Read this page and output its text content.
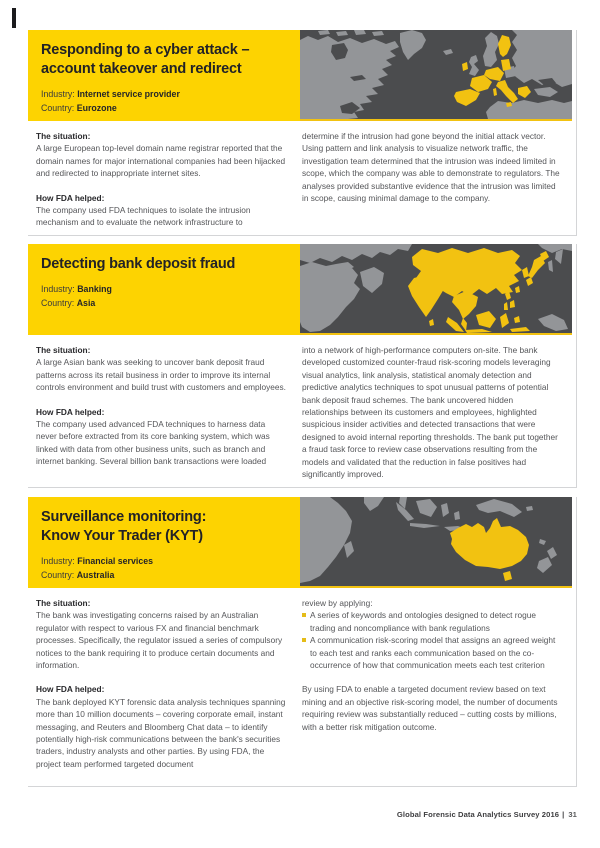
Responding to a cyber attack –
account takeover and redirect
Industry: Internet service provider
Country: Eurozone
The situation:

A large European top-level domain name registrar reported that the domain names for major international companies had been hijacked and redirected to inappropriate internet sites.

How FDA helped:

The company used FDA techniques to isolate the intrusion mechanism and to evaluate the network infrastructure to

determine if the intrusion had gone beyond the initial attack vector. Using pattern and link analysis to visualize network traffic, the investigation team determined that the intrusion was indeed limited in scope, which the company was able to demonstrate to regulators. The analyses provided substantive evidence that the intrusion was limited in scope, causing minimal damage to the company.

Detecting bank deposit fraud
Industry: Banking
Country: Asia
The situation:

A large Asian bank was seeking to uncover bank deposit fraud patterns across its retail business in order to improve its internal controls environment and build trust with customers and employees.

How FDA helped:

The company used advanced FDA techniques to harness data never before extracted from its core banking system, which was linked with data from other business units, such as branch and internet banking. Several billion bank transactions were loaded

into a network of high-performance computers on-site. The bank developed customized counter-fraud risk-scoring models leveraging visual analytics, link analysis, statistical anomaly detection and predictive analytics techniques to spot unusual patterns of potential bank deposit fraud schemes. The bank uncovered hidden relationships between its customers and employees, highlighted suspicious insider activities and detected transactions that were designed to avoid internal reporting thresholds. The bank put together a fraud task force to review case observations resulting from the models and validated that the reduction in false positives had significantly improved.

Surveillance monitoring:
Know Your Trader (KYT)
Industry: Financial services
Country: Australia
The situation:

The bank was investigating concerns raised by an Australian regulator with respect to various FX and financial benchmark processes. Specifically, the regulator issued a series of compulsory notices to the bank requiring it to produce certain documents and information.

How FDA helped:

The bank deployed KYT forensic data analysis techniques spanning more than 10 million documents – covering corporate email, instant messaging, and Reuters and Bloomberg Chat data – to identify potentially high-risk communications between the bank's securities traders, industry analysts and other parties. By using FDA, the project team performed targeted document

review by applying:

A series of keywords and ontologies designed to detect rogue trading and noncompliance with bank regulations
A communication risk-scoring model that assigns an agreed weight to each test and ranks each communication based on the co-occurrence of how that communication meets each test criterion

By using FDA to enable a targeted document review based on text mining and an objective risk-scoring model, the number of documents requiring review was substantially reduced – cutting costs by millions, with a better risk mitigation outcome.

Global Forensic Data Analytics Survey 2016 | 31
